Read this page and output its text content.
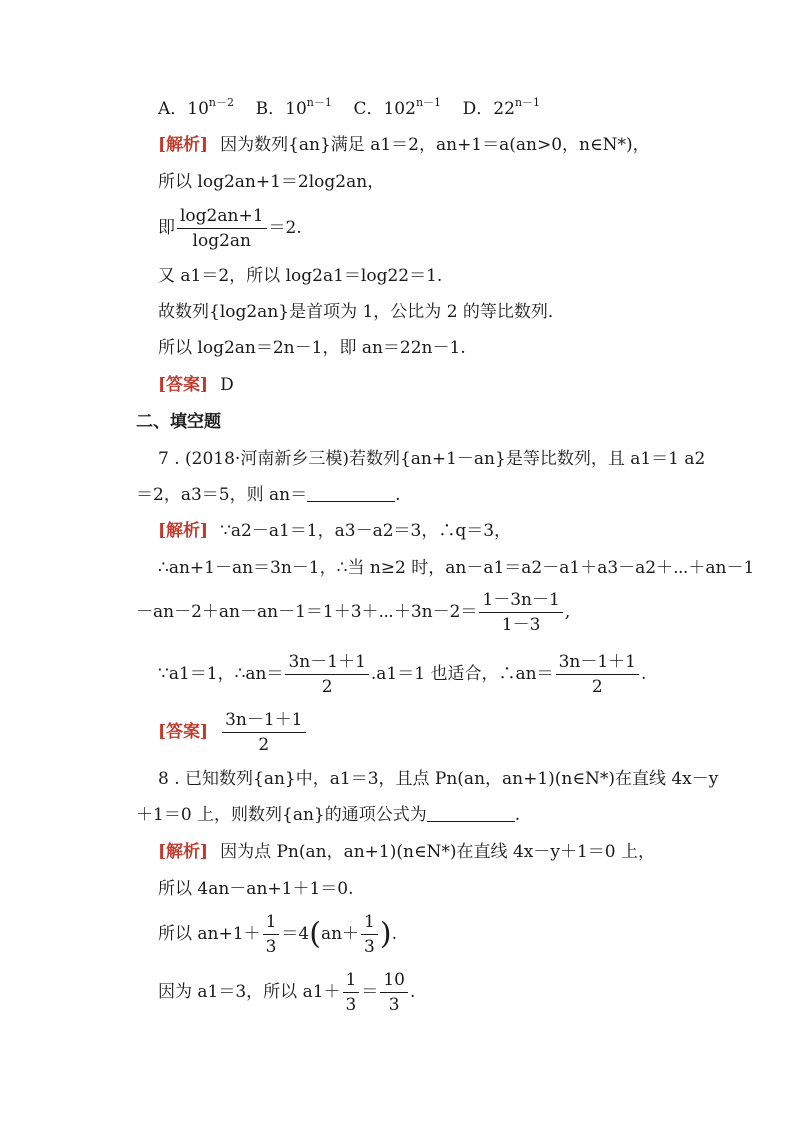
A．$10^{n-2}$ B．$10^{n-1}$ C．$102^{n-1}$ D．$22^{n-1}$
[解析] 因为数列{an}满足 a1＝2，an+1＝a(an>0，n∈N*)，
所以 log2an+1＝2log2an，
即 $\frac{\log 2an+1}{\log 2an} =2$.
又 a1＝2，所以 log2a1＝log22＝1.
故数列{log2an}是首项为 1，公比为 2 的等比数列．
所以 log2an＝2n－1，即 an＝22n－1.
[答案] D
二、填空题
7 . (2018·河南新乡三模)若数列{an+1－an}是等比数列，且 a1＝1 a2
＝2，a3＝5，则 an＝	.
[解析] ∵a2－a1＝1，a3－a2＝3，∴q＝3，
∴an+1－an＝3n－1，∴当 n≥2 时，an－a1＝a2－a1＋a3－a2＋⋯＋an－1
－an－2＋an－an－1＝1＋3＋⋯＋3n－2＝ $\frac{1-3n-1}{1-3}$ ,
∵a1＝1，∴an＝ $\frac{3n-1+1}{2} .a1=1$ 也适合，∴an＝ $\frac{3n-1+1}{2}$ .
[答案] $\frac{3n-1+1}{2}$
8 . 已知数列{an}中，a1＝3，且点 Pn(an，an+1)(n∈N*)在直线 4x－y
＋1＝0 上，则数列{an}的通项公式为	.
[解析] 因为点 Pn(an，an+1)(n∈N*)在直线 4x－y＋1＝0 上，
所以 4an－an+1＋1＝0.
所以 $an+1+ \frac{1}{3} =4(an+ \frac{1}{3}$ ).
因为 a1＝3，所以 $a1+ \frac{1}{3} = \frac{10}{3}$ .
